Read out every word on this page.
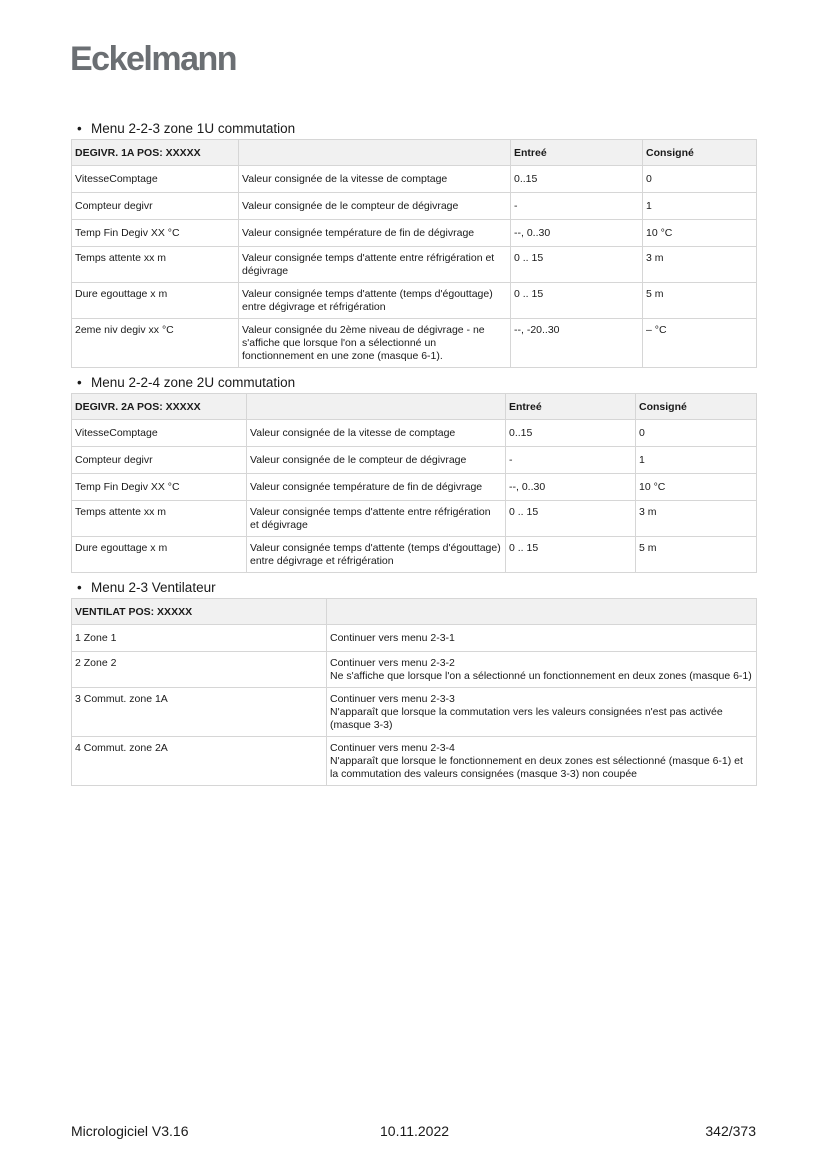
Eckelmann
• Menu 2-2-3 zone 1U commutation
DEGIVR. 1A POS: XXXXX		Entreé	Consigné
VitesseComptage	Valeur consignée de la vitesse de comptage	0..15	0
Compteur degivr	Valeur consignée de le compteur de dégivrage	-	1
Temp Fin Degiv XX °C	Valeur consignée température de fin de dégivrage	--, 0..30	10 °C
Temps attente xx m	Valeur consignée temps d'attente entre réfrigération et dégivrage	0 .. 15	3 m
Dure egouttage x m	Valeur consignée temps d'attente (temps d'égouttage) entre dégivrage et réfrigération	0 .. 15	5 m
2eme niv degiv xx °C	Valeur consignée du 2ème niveau de dégivrage - ne s'affiche que lorsque l'on a sélectionné un fonctionnement en une zone (masque 6-1).	--, -20..30	– °C
• Menu 2-2-4 zone 2U commutation
DEGIVR. 2A POS: XXXXX		Entreé	Consigné
VitesseComptage	Valeur consignée de la vitesse de comptage	0..15	0
Compteur degivr	Valeur consignée de le compteur de dégivrage	-	1
Temp Fin Degiv XX °C	Valeur consignée température de fin de dégivrage	--, 0..30	10 °C
Temps attente xx m	Valeur consignée temps d'attente entre réfrigération et dégivrage	0 .. 15	3 m
Dure egouttage x m	Valeur consignée temps d'attente (temps d'égouttage) entre dégivrage et réfrigération	0 .. 15	5 m
• Menu 2-3 Ventilateur
VENTILAT POS: XXXXX	
1 Zone 1	Continuer vers menu 2-3-1
2 Zone 2	Continuer vers menu 2-3-2
Ne s'affiche que lorsque l'on a sélectionné un fonctionnement en deux zones (masque 6-1)
3 Commut. zone 1A	Continuer vers menu 2-3-3
N'apparaît que lorsque la commutation vers les valeurs consignées n'est pas activée (masque 3-3)
4 Commut. zone 2A	Continuer vers menu 2-3-4
N'apparaît que lorsque le fonctionnement en deux zones est sélectionné (masque 6-1) et la commutation des valeurs consignées (masque 3-3) non coupée
Micrologiciel V3.16	10.11.2022	342/373
